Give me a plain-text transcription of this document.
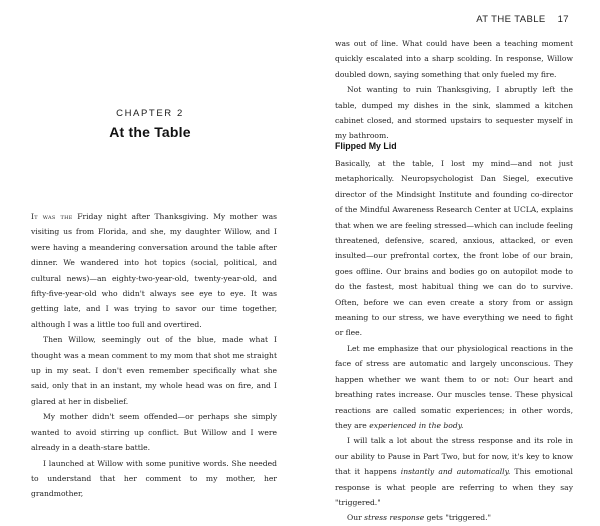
CHAPTER 2
At the Table

It was the Friday night after Thanksgiving. My mother was visiting us from Florida, and she, my daughter Willow, and I were having a meandering conversation around the table after dinner. We wandered into hot topics (social, political, and cultural news)—an eighty-two-year-old, twenty-year-old, and fifty-five-year-old who didn't always see eye to eye. It was getting late, and I was trying to savor our time together, although I was a little too full and overtired.

Then Willow, seemingly out of the blue, made what I thought was a mean comment to my mom that shot me straight up in my seat. I don't even remember specifically what she said, only that in an instant, my whole head was on fire, and I glared at her in disbelief.

My mother didn't seem offended—or perhaps she simply wanted to avoid stirring up conflict. But Willow and I were already in a death-stare battle.

I launched at Willow with some punitive words. She needed to understand that her comment to my mother, her grandmother,

AT THE TABLE 17

was out of line. What could have been a teaching moment quickly escalated into a sharp scolding. In response, Willow doubled down, saying something that only fueled my fire.

Not wanting to ruin Thanksgiving, I abruptly left the table, dumped my dishes in the sink, slammed a kitchen cabinet closed, and stormed upstairs to sequester myself in my bathroom.

Flipped My Lid

Basically, at the table, I lost my mind—and not just metaphorically. Neuropsychologist Dan Siegel, executive director of the Mindsight Institute and founding co-director of the Mindful Awareness Research Center at UCLA, explains that when we are feeling stressed—which can include feeling threatened, defensive, scared, anxious, attacked, or even insulted—our prefrontal cortex, the front lobe of our brain, goes offline. Our brains and bodies go on autopilot mode to do the fastest, most habitual thing we can do to survive. Often, before we can even create a story from or assign meaning to our stress, we have everything we need to fight or flee.

Let me emphasize that our physiological reactions in the face of stress are automatic and largely unconscious. They happen whether we want them to or not: Our heart and breathing rates increase. Our muscles tense. These physical reactions are called somatic experiences; in other words, they are experienced in the body.

I will talk a lot about the stress response and its role in our ability to Pause in Part Two, but for now, it's key to know that it happens instantly and automatically. This emotional response is what people are referring to when they say "triggered."

Our stress response gets "triggered."
